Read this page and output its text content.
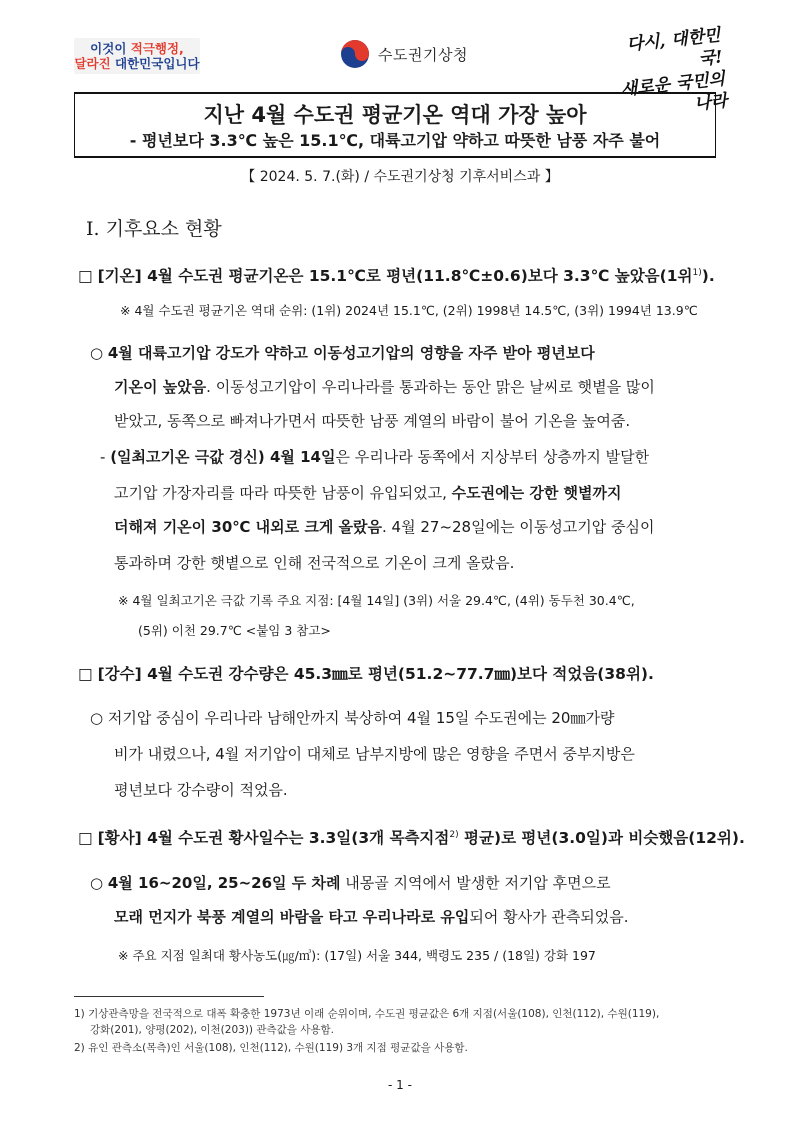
이것이 적극행정,
달라진 대한민국입니다	수도권기상청	다시, 대한민국!
새로운 국민의 나라
지난 4월 수도권 평균기온 역대 가장 높아
- 평년보다 3.3℃ 높은 15.1℃, 대륙고기압 약하고 따뜻한 남풍 자주 불어
【 2024. 5. 7.(화) / 수도권기상청 기후서비스과 】
Ⅰ. 기후요소 현황
□ [기온] 4월 수도권 평균기온은 15.1℃로 평년(11.8℃±0.6)보다 3.3℃ 높았음(1위$^{1)}$).
※ 4월 수도권 평균기온 역대 순위: (1위) 2024년 15.1℃, (2위) 1998년 14.5℃, (3위) 1994년 13.9℃
○ 4월 대륙고기압 강도가 약하고 이동성고기압의 영향을 자주 받아 평년보다
기온이 높았음. 이동성고기압이 우리나라를 통과하는 동안 맑은 날씨로 햇볕을 많이
받았고, 동쪽으로 빠져나가면서 따뜻한 남풍 계열의 바람이 불어 기온을 높여줌.
- (일최고기온 극값 경신) 4월 14일은 우리나라 동쪽에서 지상부터 상층까지 발달한
고기압 가장자리를 따라 따뜻한 남풍이 유입되었고, 수도권에는 강한 햇볕까지
더해져 기온이 30℃ 내외로 크게 올랐음. 4월 27~28일에는 이동성고기압 중심이
통과하며 강한 햇볕으로 인해 전국적으로 기온이 크게 올랐음.
※ 4월 일최고기온 극값 기록 주요 지점: [4월 14일] (3위) 서울 29.4℃, (4위) 동두천 30.4℃,
(5위) 이천 29.7℃ <붙임 3 참고>
□ [강수] 4월 수도권 강수량은 45.3㎜로 평년(51.2~77.7㎜)보다 적었음(38위).
○ 저기압 중심이 우리나라 남해안까지 북상하여 4월 15일 수도권에는 20㎜가량
비가 내렸으나, 4월 저기압이 대체로 남부지방에 많은 영향을 주면서 중부지방은
평년보다 강수량이 적었음.
□ [황사] 4월 수도권 황사일수는 3.3일(3개 목측지점$^{2)}$ 평균)로 평년(3.0일)과 비슷했음(12위).
○ 4월 16~20일, 25~26일 두 차례 내몽골 지역에서 발생한 저기압 후면으로
모래 먼지가 북풍 계열의 바람을 타고 우리나라로 유입되어 황사가 관측되었음.
※ 주요 지점 일최대 황사농도(㎍/㎥): (17일) 서울 344, 백령도 235 / (18일) 강화 197
1) 기상관측망을 전국적으로 대폭 확충한 1973년 이래 순위이며, 수도권 평균값은 6개 지점(서울(108), 인천(112), 수원(119),
강화(201), 양평(202), 이천(203)) 관측값을 사용함.
2) 유인 관측소(목측)인 서울(108), 인천(112), 수원(119) 3개 지점 평균값을 사용함.
- 1 -
